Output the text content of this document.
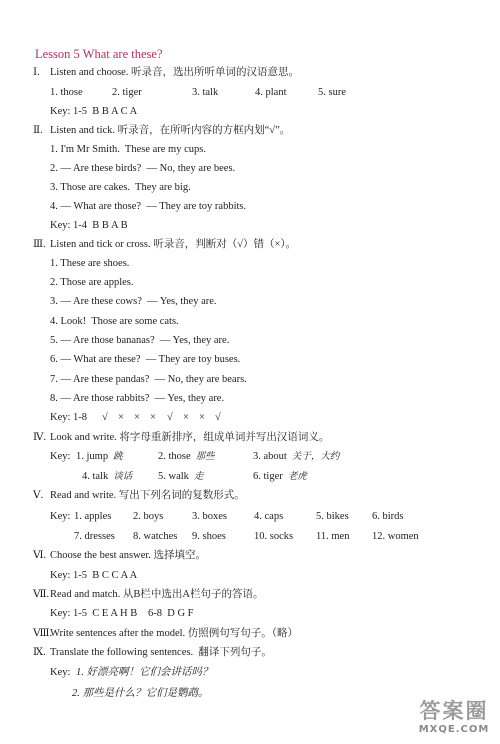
Lesson 5 What are these?
Ⅰ. Listen and choose. 听录音，选出所听单词的汉语意思。
1. those	2. tiger	3. talk	4. plant	5. sure
Key: 1-5  B B A C A
Ⅱ. Listen and tick. 听录音，在所听内容的方框内划“√”。
1. I'm Mr Smith.  These are my cups.
2. — Are these birds?  — No, they are bees.
3. Those are cakes.  They are big.
4. — What are those?  — They are toy rabbits.
Key: 1-4  B B A B
Ⅲ. Listen and tick or cross. 听录音，判断对（√）错（×）。
1. These are shoes.
2. Those are apples.
3. — Are these cows?  — Yes, they are.
4. Look!  Those are some cats.
5. — Are those bananas?  — Yes, they are.
6. — What are these?  — They are toy buses.
7. — Are these pandas?  — No, they are bears.
8. — Are those rabbits?  — Yes, they are.
Key: 1-8 √ × × × √ × × √
Ⅳ. Look and write. 将字母重新排序，组成单词并写出汉语词义。
Key: 1. jump 跳	2. those 那些	3. about 关于，大约
4. talk 谈话 5. walk 走	6. tiger 老虎
Ⅴ. Read and write. 写出下列名词的复数形式。
Key: 1. apples 2. boys	3. boxes	4. caps	5. bikes 6. birds
7. dresses 8. watches 9. shoes	10. socks 11. men 12. women
Ⅵ. Choose the best answer. 选择填空。
Key: 1-5  B C C A A
Ⅶ.Read and match. 从B栏中选出A栏句子的答语。
Key: 1-5  C E A H B 6-8  D G F
Ⅷ.Write sentences after the model. 仿照例句写句子。（略）
Ⅸ. Translate the following sentences.  翻译下列句子。
Key: 1. 好漂亮啊！它们会讲话吗？
2. 那些是什么？它们是鹦鹉。
答案圈
MXQE.COM
